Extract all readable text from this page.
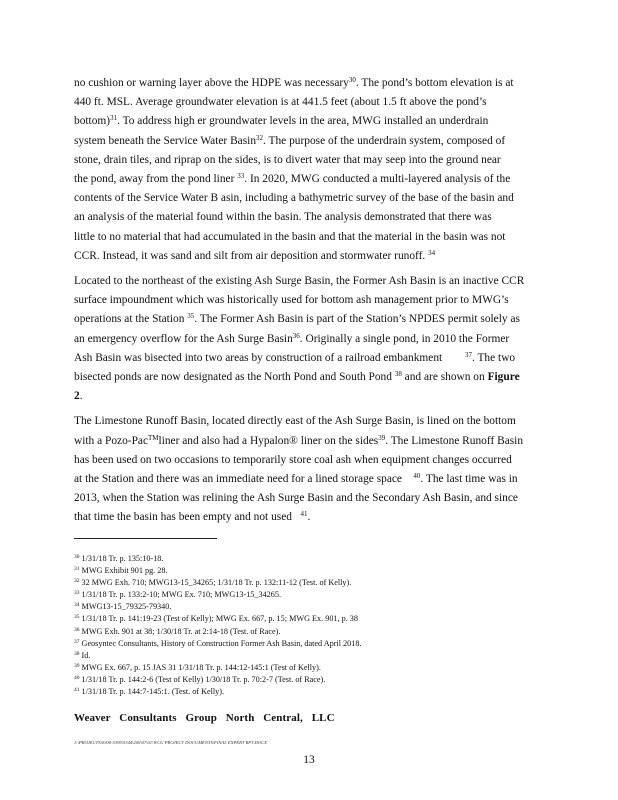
no cushion or warning layer above the HDPE was necessary$^{30}$. The pond’s bottom elevation is at
440 ft. MSL. Average groundwater elevation is at 441.5 feet (about 1.5 ft above the pond’s
bottom)$^{31}$. To address high er groundwater levels in the area, MWG installed an underdrain
system beneath the Service Water Basin$^{32}$. The purpose of the underdrain system, composed of
stone, drain tiles, and riprap on the sides, is to divert water that may seep into the ground near
the pond, away from the pond liner $^{33}$. In 2020, MWG conducted a multi-layered analysis of the
contents of the Service Water B asin, including a bathymetric survey of the base of the basin and
an analysis of the material found within the basin. The analysis demonstrated that there was
little to no material that had accumulated in the basin and that the material in the basin was not
CCR. Instead, it was sand and silt from air deposition and stormwater runoff. $^{34}$

Located to the northeast of the existing Ash Surge Basin, the Former Ash Basin is an inactive CCR
surface impoundment which was historically used for bottom ash management prior to MWG’s
operations at the Station $^{35}$. The Former Ash Basin is part of the Station’s NPDES permit solely as
an emergency overflow for the Ash Surge Basin$^{36}$. Originally a single pond, in 2010 the Former
Ash Basin was bisected into two areas by construction of a railroad embankment	$^{37}$. The two
bisected ponds are now designated as the North Pond and South Pond $^{38}$ and are shown on Figure
2.

The Limestone Runoff Basin, located directly east of the Ash Surge Basin, is lined on the bottom
with a Pozo-Pac™liner and also had a Hypalon® liner on the sides$^{39}$. The Limestone Runoff Basin
has been used on two occasions to temporarily store coal ash when equipment changes occurred
at the Station and there was an immediate need for a lined storage space $^{40}$. The last time was in
2013, when the Station was relining the Ash Surge Basin and the Secondary Ash Basin, and since
that time the basin has been empty and not used $^{41}$.

$^{30}$ 1/31/18 Tr. p. 135:10-18.
$^{31}$ MWG Exhibit 901 pg. 28.
$^{32}$ 32 MWG Exh. 710; MWG13-15_34265; 1/31/18 Tr. p. 132:11-12 (Test. of Kelly).
$^{33}$ 1/31/18 Tr. p. 133:2-10; MWG Ex. 710; MWG13-15_34265.
$^{34}$ MWG13-15_79325-79340.
$^{35}$ 1/31/18 Tr. p. 141:19-23 (Test of Kelly); MWG Ex. 667, p. 15; MWG Ex. 901, p. 38
$^{36}$ MWG Exh. 901 at 38; 1/30/18 Tr. at 2:14-18 (Test. of Race).
$^{37}$ Geosyntec Consultants, History of Construction Former Ash Basin, dated April 2018.
$^{38}$ Id.
$^{39}$ MWG Ex. 667, p. 15 JAS 31 1/31/18 Tr. p. 144:12-145:1 (Test of Kelly).
$^{40}$ 1/31/18 Tr. p. 144:2-6 (Test of Kelly) 1/30/18 Tr. p. 70:2-7 (Test. of Race).
$^{41}$ 1/31/18 Tr. p. 144:7-145:1. (Test. of Kelly).
Weaver Consultants Group North Central, LLC
J:\PROJECTS\0300-5399\5344\200\07\01\WCG PROJECT DOCUMENTS\FINAL EXPERT RPT.DOCX
13
